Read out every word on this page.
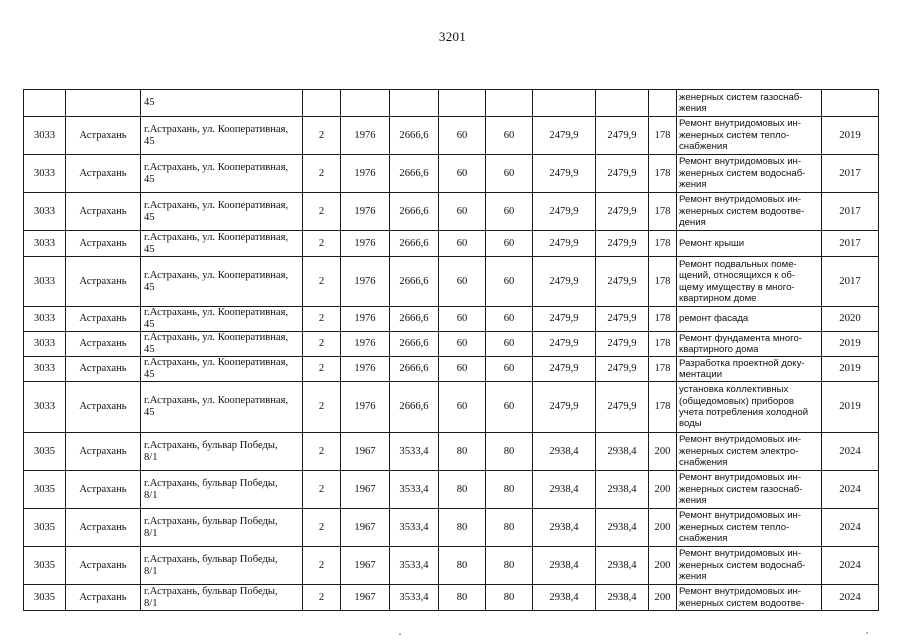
3201
		45									женерных систем газоснаб-
жения	
3033	Астрахань	г.Астрахань, ул. Кооперативная,
45	2	1976	2666,6	60	60	2479,9	2479,9	178	Ремонт внутридомовых ин-
женерных систем тепло-
снабжения	2019
3033	Астрахань	г.Астрахань, ул. Кооперативная,
45	2	1976	2666,6	60	60	2479,9	2479,9	178	Ремонт внутридомовых ин-
женерных систем водоснаб-
жения	2017
3033	Астрахань	г.Астрахань, ул. Кооперативная,
45	2	1976	2666,6	60	60	2479,9	2479,9	178	Ремонт внутридомовых ин-
женерных систем водоотве-
дения	2017
3033	Астрахань	г.Астрахань, ул. Кооперативная,
45	2	1976	2666,6	60	60	2479,9	2479,9	178	Ремонт крыши	2017
3033	Астрахань	г.Астрахань, ул. Кооперативная,
45	2	1976	2666,6	60	60	2479,9	2479,9	178	Ремонт подвальных поме-
щений, относящихся к об-
щему имуществу в много-
квартирном доме	2017
3033	Астрахань	г.Астрахань, ул. Кооперативная,
45	2	1976	2666,6	60	60	2479,9	2479,9	178	ремонт фасада	2020
3033	Астрахань	г.Астрахань, ул. Кооперативная,
45	2	1976	2666,6	60	60	2479,9	2479,9	178	Ремонт фундамента много-
квартирного дома	2019
3033	Астрахань	г.Астрахань, ул. Кооперативная,
45	2	1976	2666,6	60	60	2479,9	2479,9	178	Разработка проектной доку-
ментации	2019
3033	Астрахань	г.Астрахань, ул. Кооперативная,
45	2	1976	2666,6	60	60	2479,9	2479,9	178	установка коллективных
(общедомовых) приборов
учета потребления холодной
воды	2019
3035	Астрахань	г.Астрахань, бульвар Победы,
8/1	2	1967	3533,4	80	80	2938,4	2938,4	200	Ремонт внутридомовых ин-
женерных систем электро-
снабжения	2024
3035	Астрахань	г.Астрахань, бульвар Победы,
8/1	2	1967	3533,4	80	80	2938,4	2938,4	200	Ремонт внутридомовых ин-
женерных систем газоснаб-
жения	2024
3035	Астрахань	г.Астрахань, бульвар Победы,
8/1	2	1967	3533,4	80	80	2938,4	2938,4	200	Ремонт внутридомовых ин-
женерных систем тепло-
снабжения	2024
3035	Астрахань	г.Астрахань, бульвар Победы,
8/1	2	1967	3533,4	80	80	2938,4	2938,4	200	Ремонт внутридомовых ин-
женерных систем водоснаб-
жения	2024
3035	Астрахань	г.Астрахань, бульвар Победы,
8/1	2	1967	3533,4	80	80	2938,4	2938,4	200	Ремонт внутридомовых ин-
женерных систем водоотве-	2024
